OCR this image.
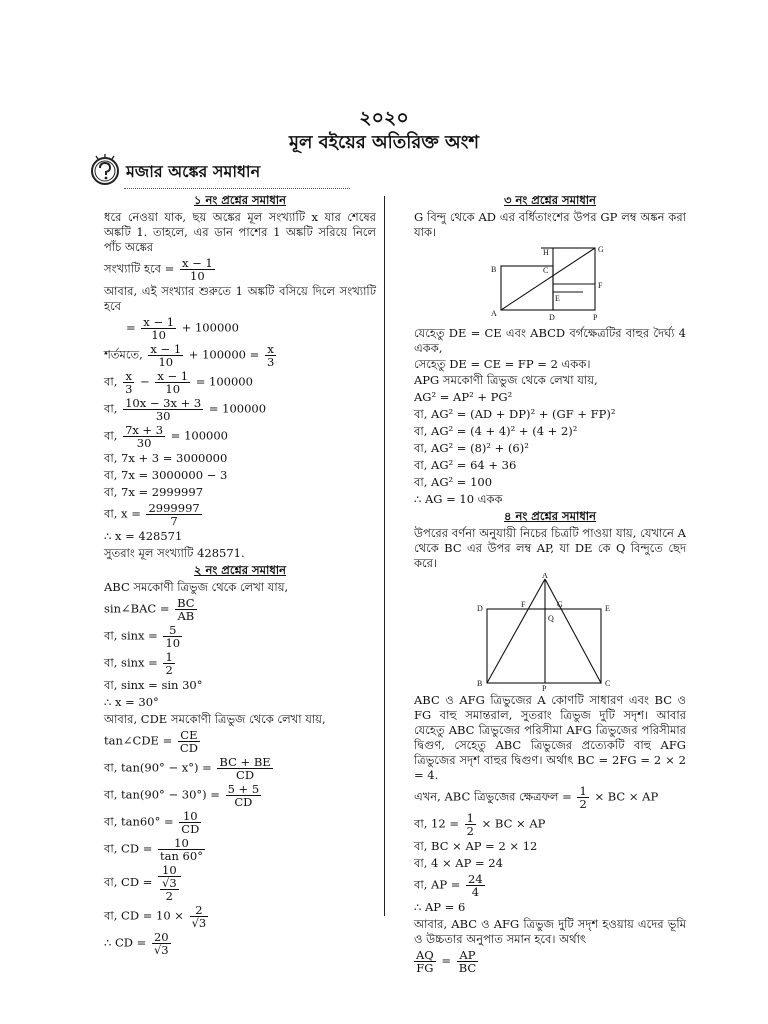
২০২০
মূল বইয়ের অতিরিক্ত অংশ
মজার অঙ্কের সমাধান
১ নং প্রশ্নের সমাধান
ধরে নেওয়া যাক, ছয় অঙ্কের মূল সংখ্যাটি x যার শেষের অঙ্কটি 1. তাহলে, এর ডান পাশের 1 অঙ্কটি সরিয়ে নিলে পাঁচ অঙ্কের
সংখ্যাটি হবে = $\frac{x - 1}{10}$
আবার, এই সংখ্যার শুরুতে 1 অঙ্কটি বসিয়ে দিলে সংখ্যাটি হবে
= $\frac{x - 1}{10} + 100000$
শর্তমতে, $\frac{x - 1}{10} + 100000 = \frac{x}{3}$
বা, $\frac{x}{3} - \frac{x - 1}{10} = 100000$
বা, $\frac{10x - 3x + 3}{30} = 100000$
বা, $\frac{7x + 3}{30} = 100000$
বা, 7x + 3 = 3000000
বা, 7x = 3000000 − 3
বা, 7x = 2999997
বা, $x = \frac{2999997}{7}$
∴ x = 428571
সুতরাং মূল সংখ্যাটি 428571.
২ নং প্রশ্নের সমাধান
ABC সমকোণী ত্রিভুজ থেকে লেখা যায়,
sin∠BAC = $\frac{BC}{AB}$
বা, $\sin x = \frac{5}{10}$
বা, $\sin x = \frac{1}{2}$
বা, sinx = sin 30°
∴ x = 30°
আবার, CDE সমকোণী ত্রিভুজ থেকে লেখা যায়,
tan∠CDE = $\frac{CE}{CD}$
বা, $\tan(90^\circ - x^\circ) = \frac{BC + BE}{CD}$
বা, $\tan(90^\circ - 30^\circ) = \frac{5 + 5}{CD}$
বা, $\tan 60^\circ = \frac{10}{CD}$
বা, CD = $\frac{10}{\tan 60^\circ}$
বা, CD = $\frac{10}{\frac{√3}{2}}$
বা, CD = $10 \times \frac{2}{√3}$
∴ CD = $\frac{20}{√3}$
৩ নং প্রশ্নের সমাধান
G বিন্দু থেকে AD এর বর্ধিতাংশের উপর GP লম্ব অঙ্কন করা যাক।
H	G
C
B
F
E
A	D	P
যেহেতু DE = CE এবং ABCD বর্গক্ষেত্রটির বাহুর দৈর্ঘ্য 4 একক,
সেহেতু DE = CE = FP = 2 একক।
APG সমকোণী ত্রিভুজ থেকে লেখা যায়,
AG² = AP² + PG²
বা, AG² = (AD + DP)² + (GF + FP)²
বা, AG² = (4 + 4)² + (4 + 2)²
বা, AG² = (8)² + (6)²
বা, AG² = 64 + 36
বা, AG² = 100
∴ AG = 10 একক
৪ নং প্রশ্নের সমাধান
উপরের বর্ণনা অনুযায়ী নিচের চিত্রটি পাওয়া যায়, যেখানে A থেকে BC এর উপর লম্ব AP, যা DE কে Q বিন্দুতে ছেদ করে।
A
D	F	G	E
Q
B
P
C
ABC ও AFG ত্রিভুজের A কোণটি সাধারণ এবং BC ও FG বাহু সমান্তরাল, সুতরাং ত্রিভুজ দুটি সদৃশ। আবার যেহেতু ABC ত্রিভুজের পরিসীমা AFG ত্রিভুজের পরিসীমার দ্বিগুণ, সেহেতু ABC ত্রিভুজের প্রত্যেকটি বাহু AFG ত্রিভুজের সদৃশ বাহুর দ্বিগুণ। অর্থাৎ BC = 2FG = 2 × 2 = 4.
এখন, ABC ত্রিভুজের ক্ষেত্রফল = $\frac{1}{2}$ × BC × AP
বা, $12 = \frac{1}{2}$ × BC × AP
বা, BC × AP = 2 × 12
বা, 4 × AP = 24
বা, AP = $\frac{24}{4}$
∴ AP = 6
আবার, ABC ও AFG ত্রিভুজ দুটি সদৃশ হওয়ায় এদের ভূমি ও উচ্চতার অনুপাত সমান হবে। অর্থাৎ
$\frac{AQ}{FG} = \frac{AP}{BC}$
